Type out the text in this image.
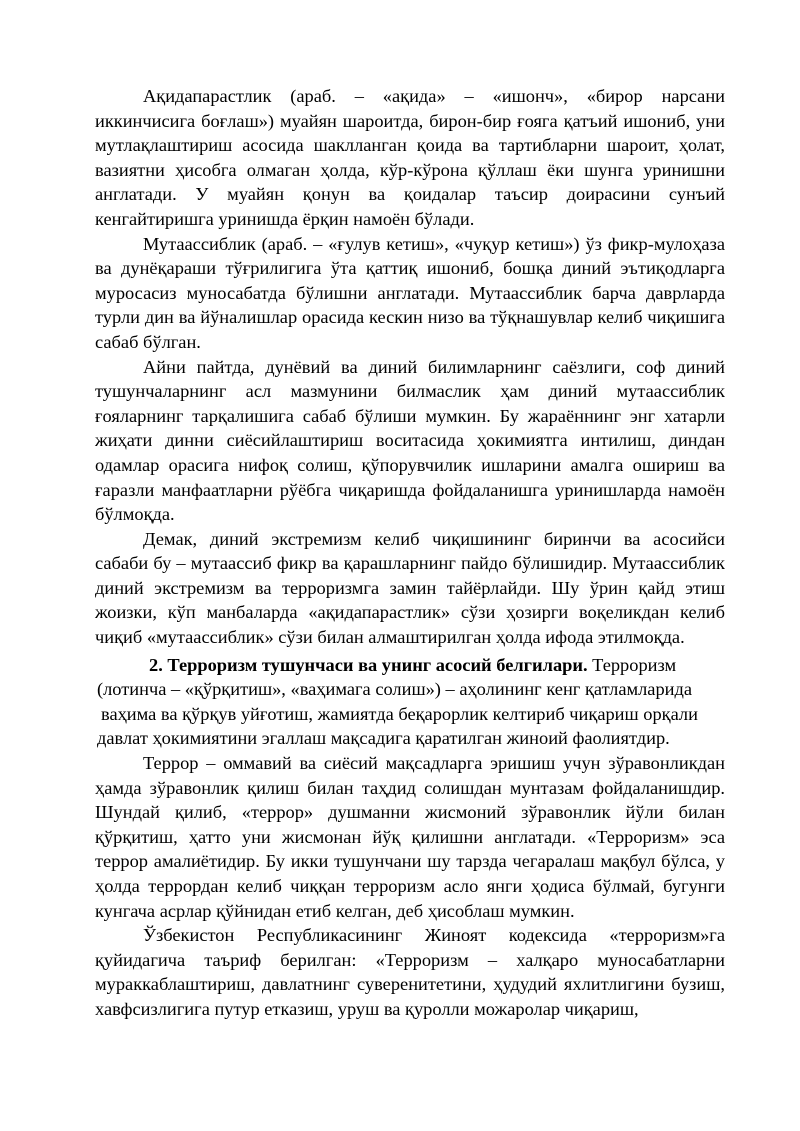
Ақидапарастлик (араб. – «ақида» – «ишонч», «бирор нарсани иккинчисига боғлаш») муайян шароитда, бирон-бир ғояга қатъий ишониб, уни мутлақлаштириш асосида шаклланган қоида ва тартибларни шароит, ҳолат, вазиятни ҳисобга олмаган ҳолда, кўр-кўрона қўллаш ёки шунга уринишни англатади. У муайян қонун ва қоидалар таъсир доирасини сунъий кенгайтиришга уринишда ёрқин намоён бўлади.

Мутаассиблик (араб. – «ғулув кетиш», «чуқур кетиш») ўз фикр-мулоҳаза ва дунёқараши тўғрилигига ўта қаттиқ ишониб, бошқа диний эътиқодларга муросасиз муносабатда бўлишни англатади. Мутаассиблик барча даврларда турли дин ва йўналишлар орасида кескин низо ва тўқнашувлар келиб чиқишига сабаб бўлган.

Айни пайтда, дунёвий ва диний билимларнинг саёзлиги, соф диний тушунчаларнинг асл мазмунини билмаслик ҳам диний мутаассиблик ғояларнинг тарқалишига сабаб бўлиши мумкин. Бу жараённинг энг хатарли жиҳати динни сиёсийлаштириш воситасида ҳокимиятга интилиш, диндан одамлар орасига нифоқ солиш, қўпорувчилик ишларини амалга ошириш ва ғаразли манфаатларни рўёбга чиқаришда фойдаланишга уринишларда намоён бўлмоқда.

Демак, диний экстремизм келиб чиқишининг биринчи ва асосийси сабаби бу – мутаассиб фикр ва қарашларнинг пайдо бўлишидир. Мутаассиблик диний экстремизм ва терроризмга замин тайёрлайди. Шу ўрин қайд этиш жоизки, кўп манбаларда «ақидапарастлик» сўзи ҳозирги воқеликдан келиб чиқиб «мутаассиблик» сўзи билан алмаштирилган ҳолда ифода этилмоқда.

2. Терроризм тушунчаси ва унинг асосий белгилари. Терроризм
(лотинча – «қўрқитиш», «ваҳимага солиш») – аҳолининг кенг қатламларида
ваҳима ва қўрқув уйғотиш, жамиятда беқарорлик келтириб чиқариш орқали
давлат ҳокимиятини эгаллаш мақсадига қаратилган жиноий фаолиятдир.

Террор – оммавий ва сиёсий мақсадларга эришиш учун зўравонликдан ҳамда зўравонлик қилиш билан таҳдид солишдан мунтазам фойдаланишдир. Шундай қилиб, «террор» душманни жисмоний зўравонлик йўли билан қўрқитиш, ҳатто уни жисмонан йўқ қилишни англатади. «Терроризм» эса террор амалиётидир. Бу икки тушунчани шу тарзда чегаралаш мақбул бўлса, у ҳолда террордан келиб чиққан терроризм асло янги ҳодиса бўлмай, бугунги кунгача асрлар қўйнидан етиб келган, деб ҳисоблаш мумкин.

Ўзбекистон Республикасининг Жиноят кодексида «терроризм»га қуйидагича таъриф берилган: «Терроризм – халқаро муносабатларни мураккаблаштириш, давлатнинг суверенитетини, ҳудудий яхлитлигини бузиш, хавфсизлигига путур етказиш, уруш ва қуролли можаролар чиқариш,
